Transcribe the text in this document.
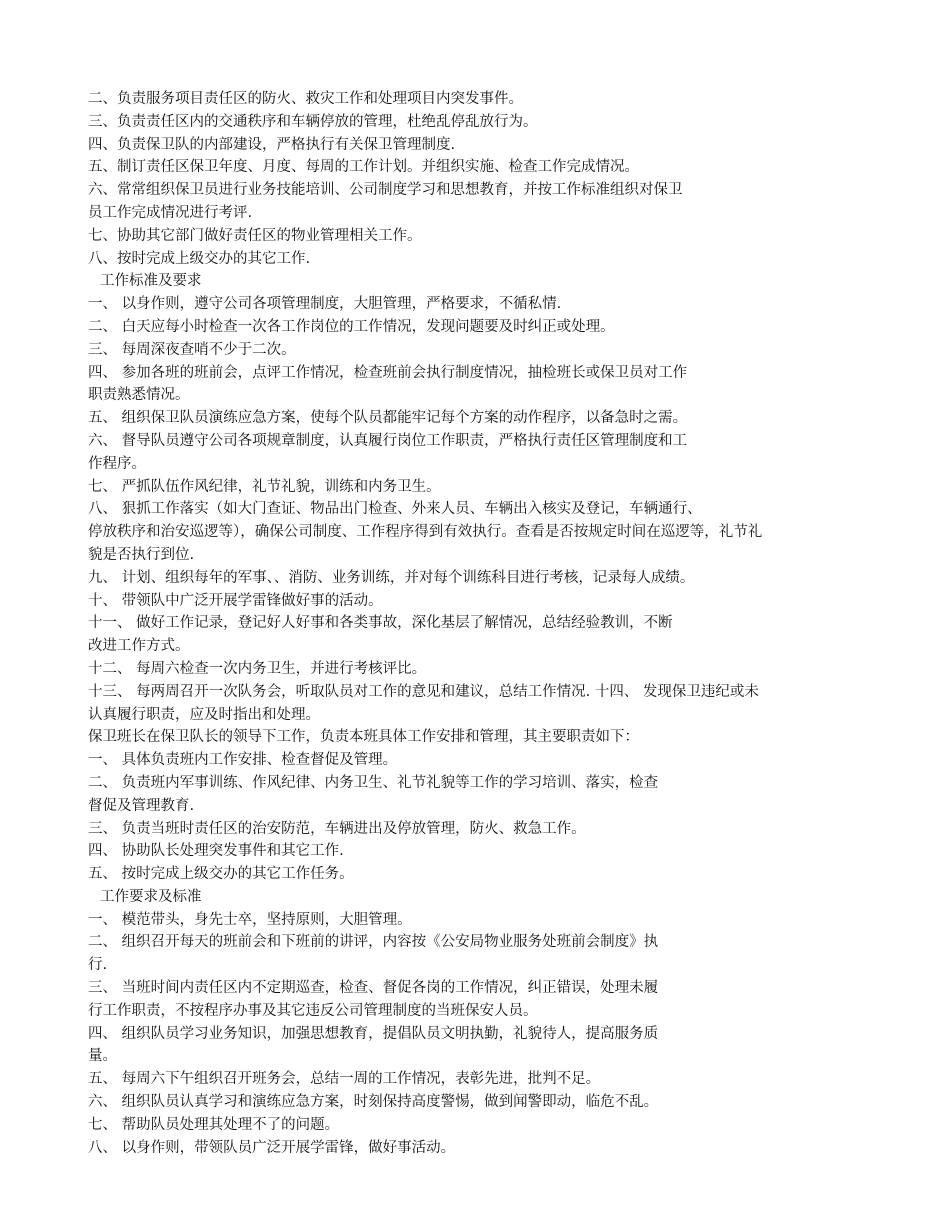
二、负责服务项目责任区的防火、救灾工作和处理项目内突发事件。
三、负责责任区内的交通秩序和车辆停放的管理，杜绝乱停乱放行为。
四、负责保卫队的内部建设，严格执行有关保卫管理制度.
五、制订责任区保卫年度、月度、每周的工作计划。并组织实施、检查工作完成情况。
六、常常组织保卫员进行业务技能培训、公司制度学习和思想教育，并按工作标准组织对保卫
员工作完成情况进行考评.
七、协助其它部门做好责任区的物业管理相关工作。
八、按时完成上级交办的其它工作.
工作标准及要求
一、 以身作则，遵守公司各项管理制度，大胆管理，严格要求，不循私情.
二、 白天应每小时检查一次各工作岗位的工作情况，发现问题要及时纠正或处理。
三、 每周深夜查哨不少于二次。
四、 参加各班的班前会，点评工作情况，检查班前会执行制度情况，抽检班长或保卫员对工作
职责熟悉情况。
五、 组织保卫队员演练应急方案，使每个队员都能牢记每个方案的动作程序，以备急时之需。
六、 督导队员遵守公司各项规章制度，认真履行岗位工作职责，严格执行责任区管理制度和工
作程序。
七、 严抓队伍作风纪律，礼节礼貌，训练和内务卫生。
八、 狠抓工作落实（如大门查证、物品出门检查、外来人员、车辆出入核实及登记，车辆通行、
停放秩序和治安巡逻等），确保公司制度、工作程序得到有效执行。查看是否按规定时间在巡逻等，礼节礼
貌是否执行到位.
九、 计划、组织每年的军事、、消防、业务训练，并对每个训练科目进行考核，记录每人成绩。
十、 带领队中广泛开展学雷锋做好事的活动。
十一、 做好工作记录，登记好人好事和各类事故，深化基层了解情况，总结经验教训，不断
改进工作方式。
十二、 每周六检查一次内务卫生，并进行考核评比。
十三、 每两周召开一次队务会，听取队员对工作的意见和建议，总结工作情况. 十四、 发现保卫违纪或未
认真履行职责，应及时指出和处理。
保卫班长在保卫队长的领导下工作，负责本班具体工作安排和管理，其主要职责如下：
一、 具体负责班内工作安排、检查督促及管理。
二、 负责班内军事训练、作风纪律、内务卫生、礼节礼貌等工作的学习培训、落实，检查
督促及管理教育.
三、 负责当班时责任区的治安防范，车辆进出及停放管理，防火、救急工作。
四、 协助队长处理突发事件和其它工作.
五、 按时完成上级交办的其它工作任务。
工作要求及标准
一、 模范带头，身先士卒，坚持原则，大胆管理。
二、 组织召开每天的班前会和下班前的讲评，内容按《公安局物业服务处班前会制度》执
行.
三、 当班时间内责任区内不定期巡查，检查、督促各岗的工作情况，纠正错误，处理未履
行工作职责，不按程序办事及其它违反公司管理制度的当班保安人员。
四、 组织队员学习业务知识，加强思想教育，提倡队员文明执勤，礼貌待人，提高服务质
量。
五、 每周六下午组织召开班务会，总结一周的工作情况，表彰先进，批判不足。
六、 组织队员认真学习和演练应急方案，时刻保持高度警惕，做到闻警即动，临危不乱。
七、 帮助队员处理其处理不了的问题。
八、 以身作则，带领队员广泛开展学雷锋，做好事活动。
